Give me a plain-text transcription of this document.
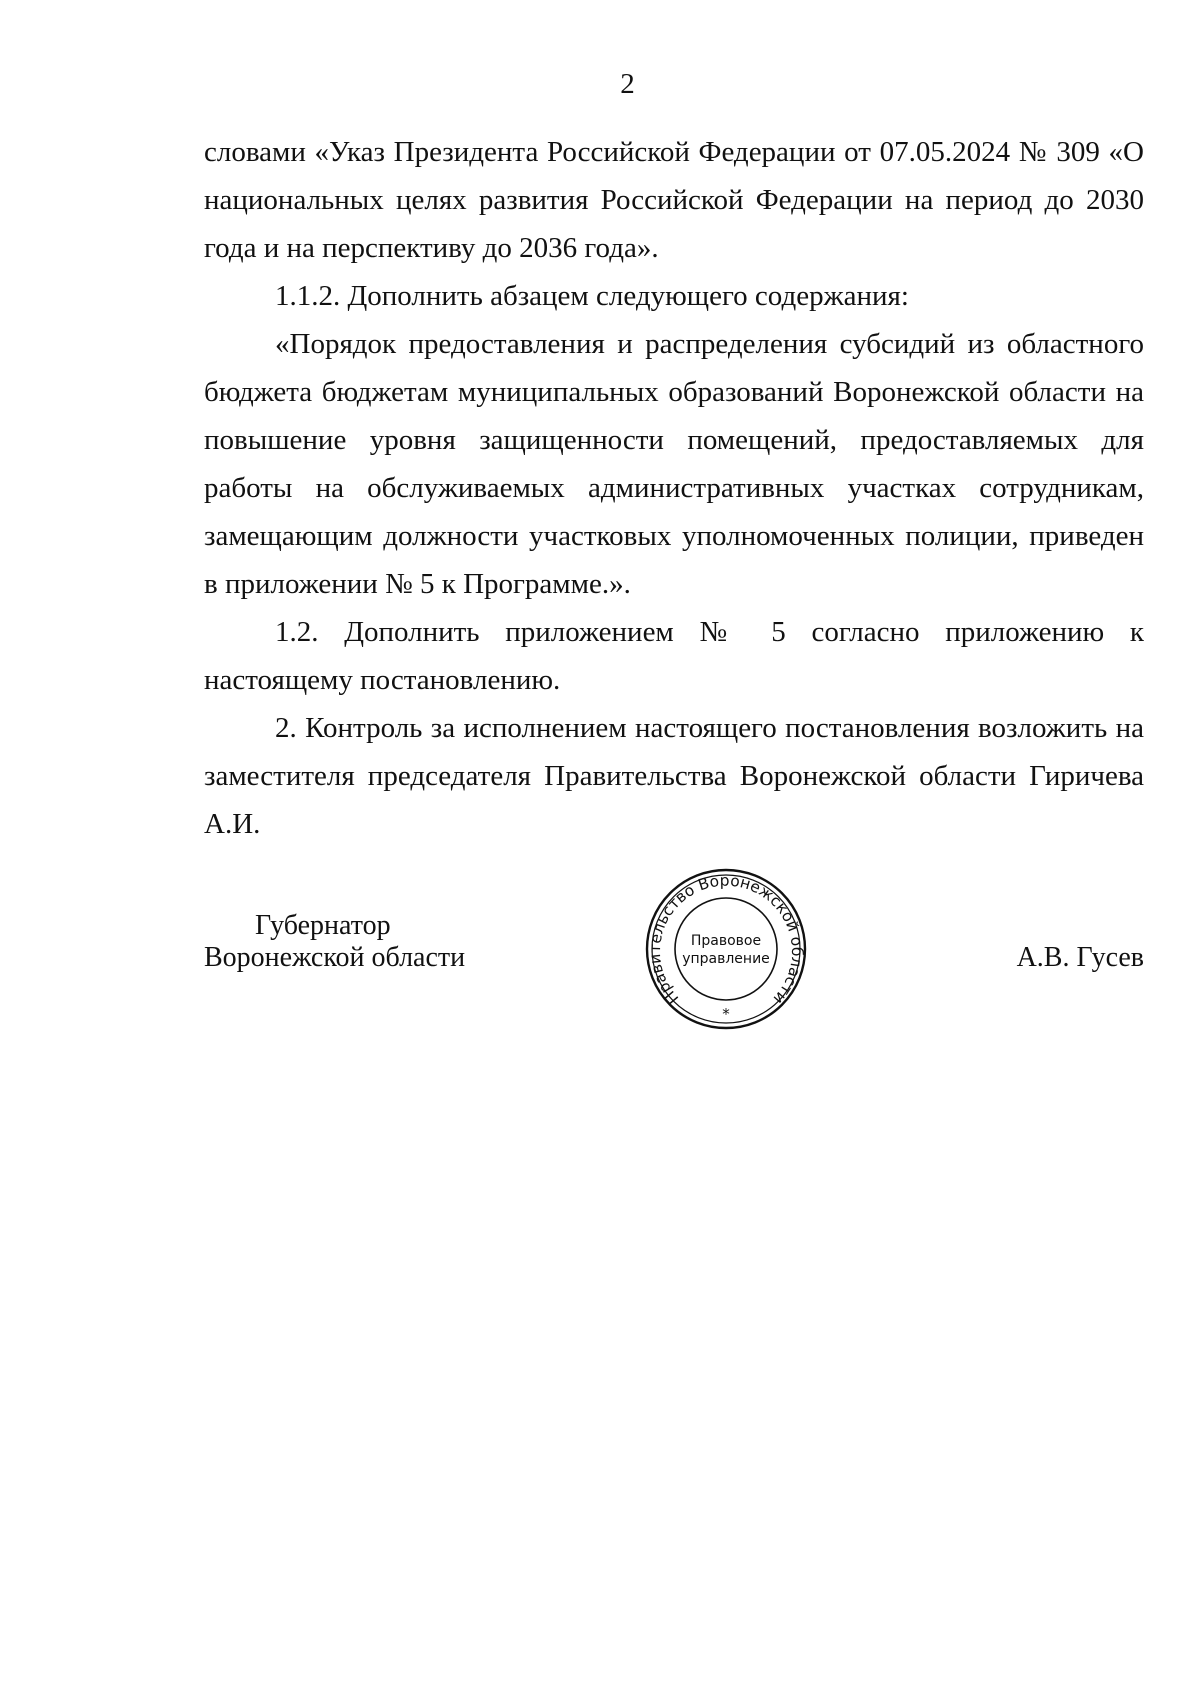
2

словами «Указ Президента Российской Федерации от 07.05.2024 № 309 «О национальных целях развития Российской Федерации на период до 2030 года и на перспективу до 2036 года».

1.1.2. Дополнить абзацем следующего содержания:

«Порядок предоставления и распределения субсидий из областного бюджета бюджетам муниципальных образований Воронежской области на повышение уровня защищенности помещений, предоставляемых для работы на обслуживаемых административных участках сотрудникам, замещающим должности участковых уполномоченных полиции, приведен в приложении № 5 к Программе.».

1.2. Дополнить приложением № 5 согласно приложению к настоящему постановлению.

2. Контроль за исполнением настоящего постановления возложить на заместителя председателя Правительства Воронежской области Гиричева А.И.

Губернатор
Воронежской области
Правительство Воронежской области
Правовое
управление
*
А.В. Гусев
